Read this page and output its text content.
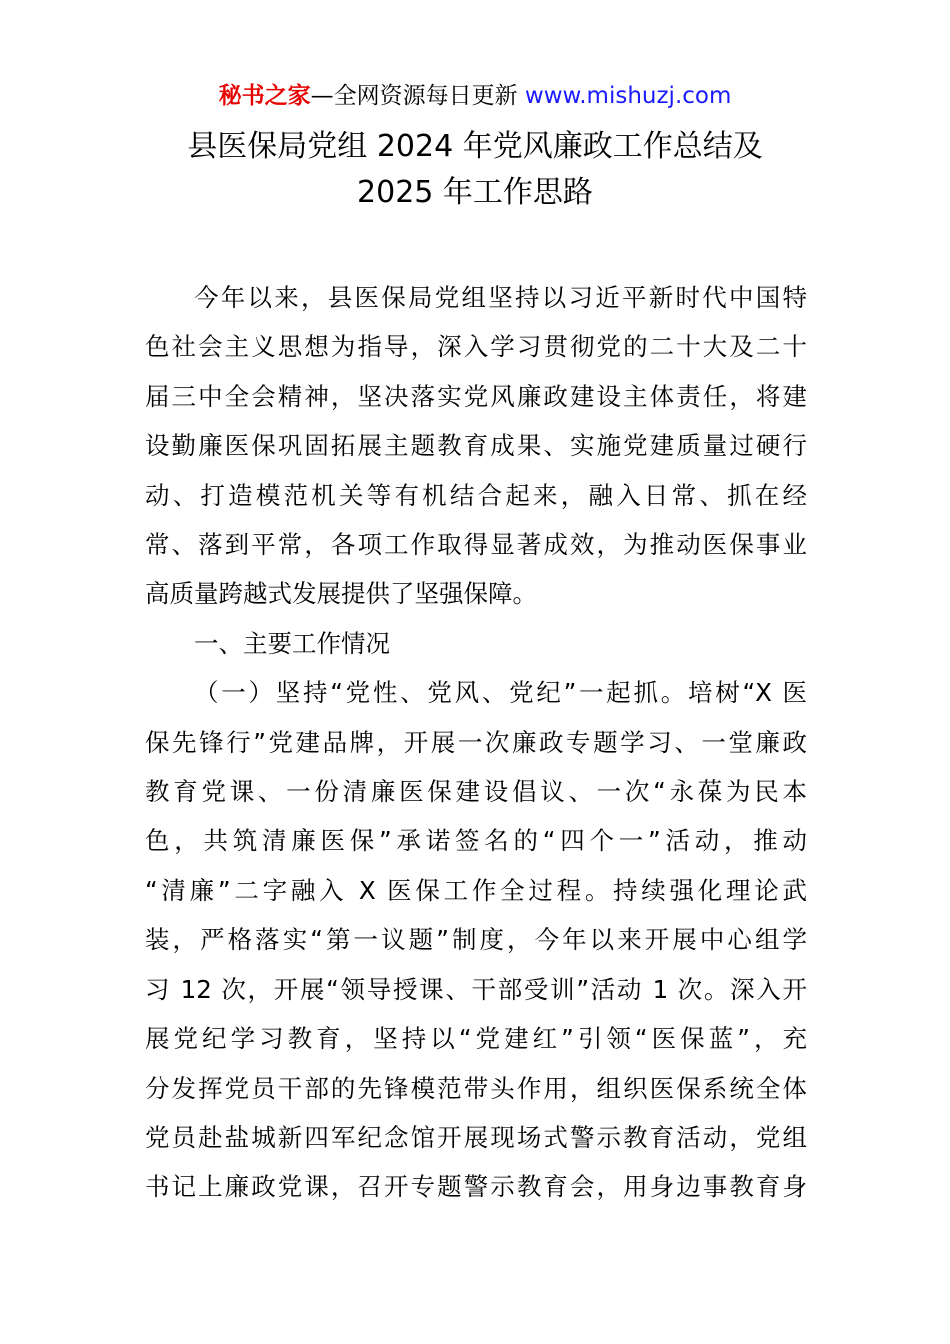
秘书之家—全网资源每日更新 www.mishuzj.com
县医保局党组 2024 年党风廉政工作总结及
2025 年工作思路
今年以来，县医保局党组坚持以习近平新时代中国特
色社会主义思想为指导，深入学习贯彻党的二十大及二十
届三中全会精神，坚决落实党风廉政建设主体责任，将建
设勤廉医保巩固拓展主题教育成果、实施党建质量过硬行
动、打造模范机关等有机结合起来，融入日常、抓在经
常、落到平常，各项工作取得显著成效，为推动医保事业
高质量跨越式发展提供了坚强保障。
一、主要工作情况
（一）坚持“党性、党风、党纪”一起抓。培树“X 医
保先锋行”党建品牌，开展一次廉政专题学习、一堂廉政
教育党课、一份清廉医保建设倡议、一次“永葆为民本
色，共筑清廉医保”承诺签名的“四个一”活动，推动
“清廉”二字融入 X 医保工作全过程。持续强化理论武
装，严格落实“第一议题”制度，今年以来开展中心组学
习 12 次，开展“领导授课、干部受训”活动 1 次。深入开
展党纪学习教育，坚持以“党建红”引领“医保蓝”，充
分发挥党员干部的先锋模范带头作用，组织医保系统全体
党员赴盐城新四军纪念馆开展现场式警示教育活动，党组
书记上廉政党课，召开专题警示教育会，用身边事教育身
